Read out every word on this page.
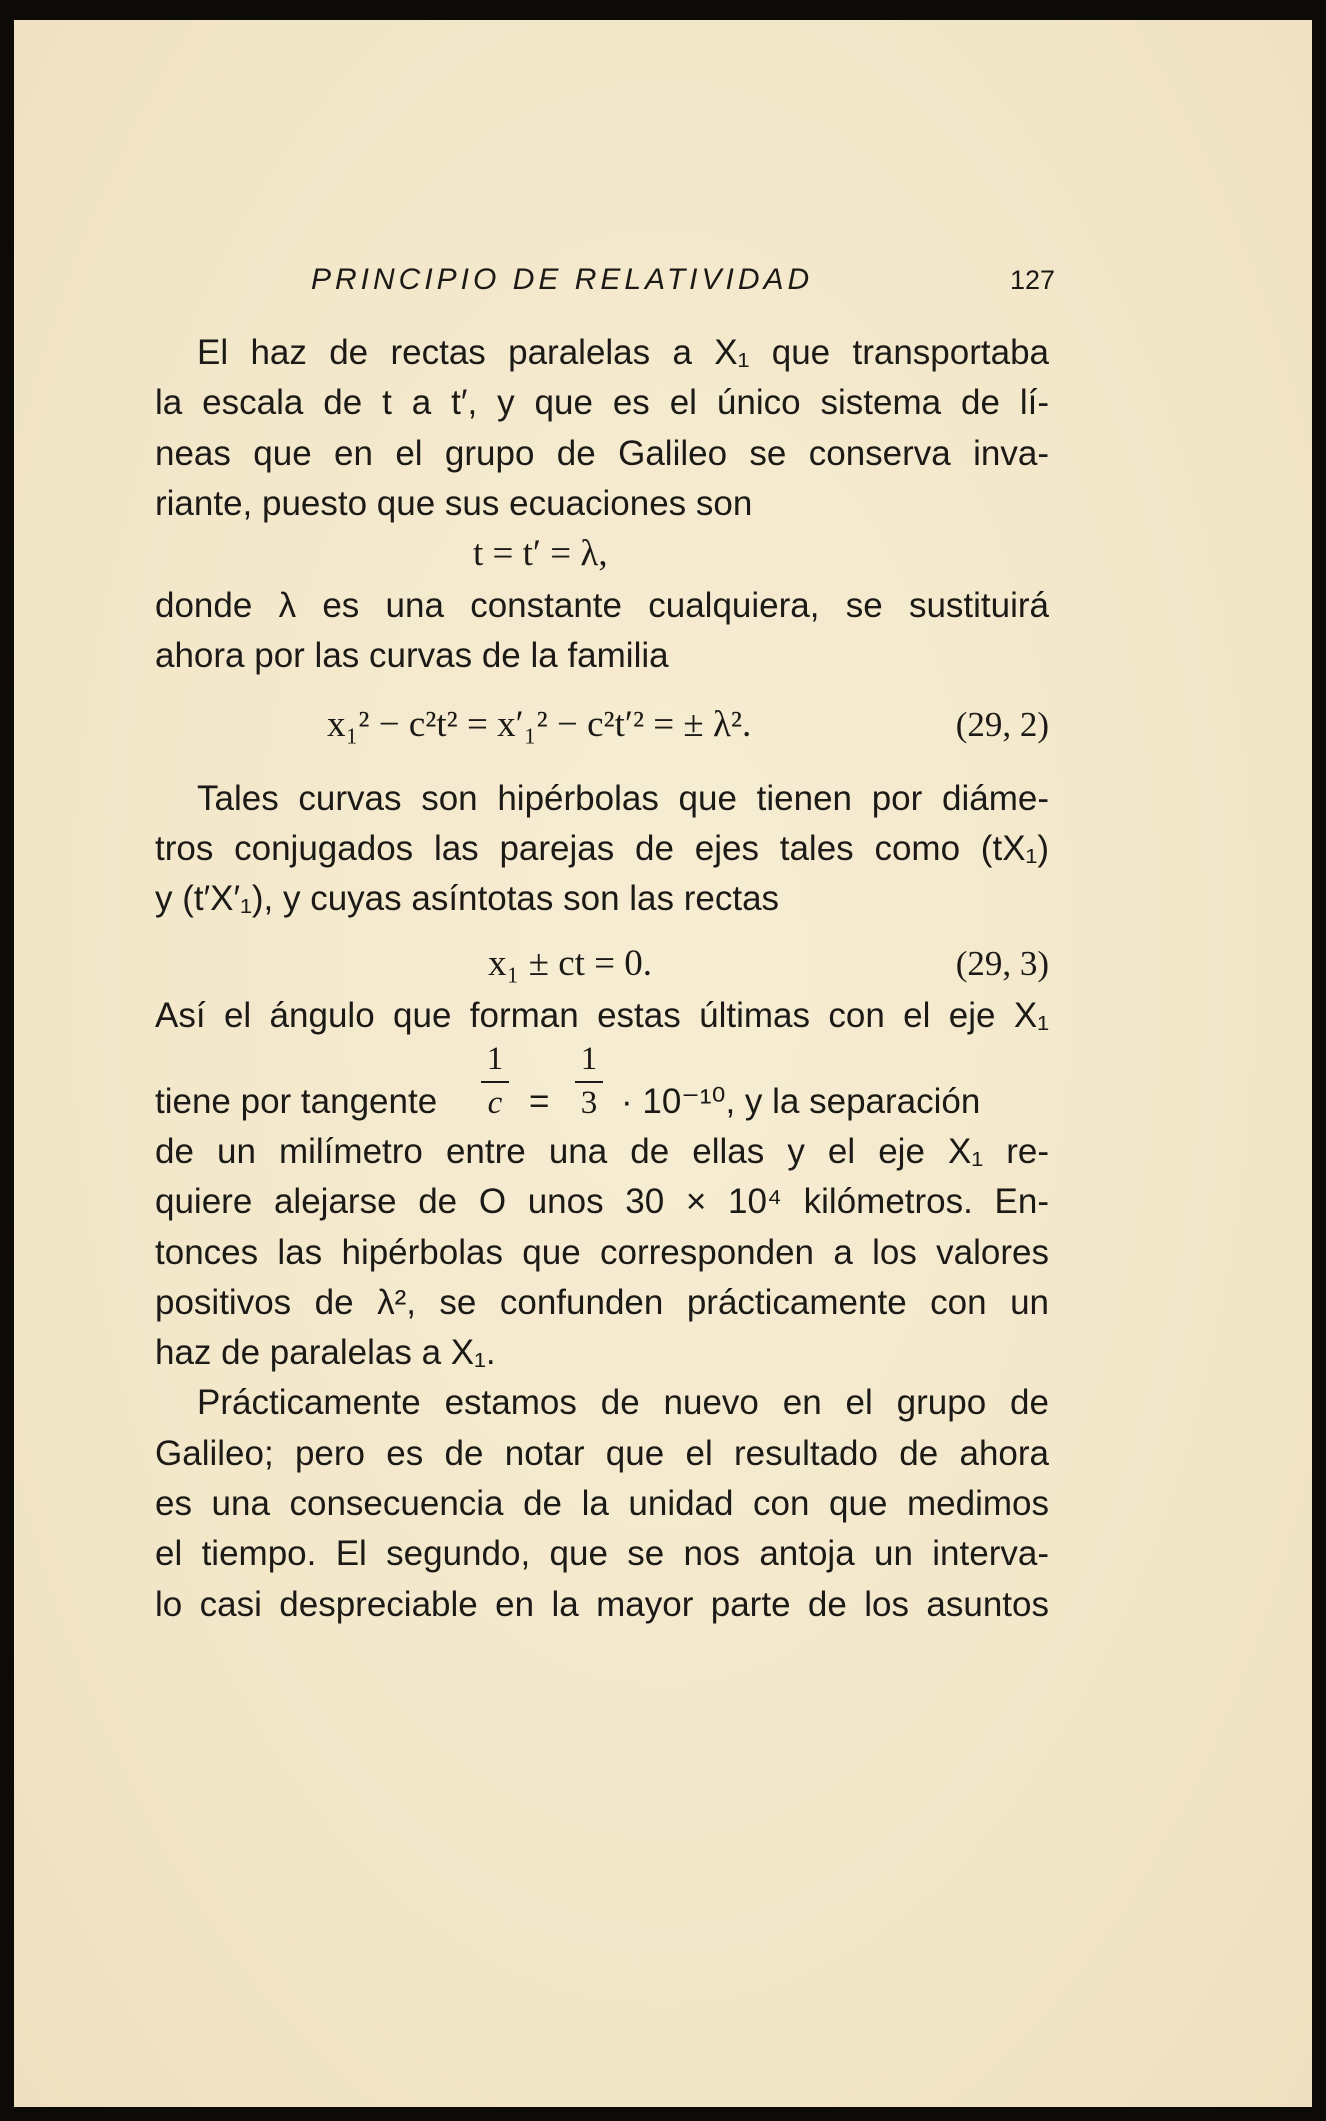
PRINCIPIO DE RELATIVIDAD	127

El haz de rectas paralelas a X₁ que transportaba
la escala de t a t′, y que es el único sistema de lí-
neas que en el grupo de Galileo se conserva inva-
riante, puesto que sus ecuaciones son

t = t′ = λ,

donde λ es una constante cualquiera, se sustituirá
ahora por las curvas de la familia

x₁² − c²t² = x′₁² − c²t′² = ± λ².	(29, 2)

Tales curvas son hipérbolas que tienen por diáme-
tros conjugados las parejas de ejes tales como (tX₁)
y (t′X′₁), y cuyas asíntotas son las rectas

x₁ ± ct = 0.	(29, 3)

Así el ángulo que forman estas últimas con el eje X₁
tiene por tangente
1
c =
1
3 · 10⁻¹⁰, y la separación
de un milímetro entre una de ellas y el eje X₁ re-
quiere alejarse de O unos 30 × 10⁴ kilómetros. En-
tonces las hipérbolas que corresponden a los valores
positivos de λ², se confunden prácticamente con un
haz de paralelas a X₁.

Prácticamente estamos de nuevo en el grupo de
Galileo; pero es de notar que el resultado de ahora
es una consecuencia de la unidad con que medimos
el tiempo. El segundo, que se nos antoja un interva-
lo casi despreciable en la mayor parte de los asuntos
